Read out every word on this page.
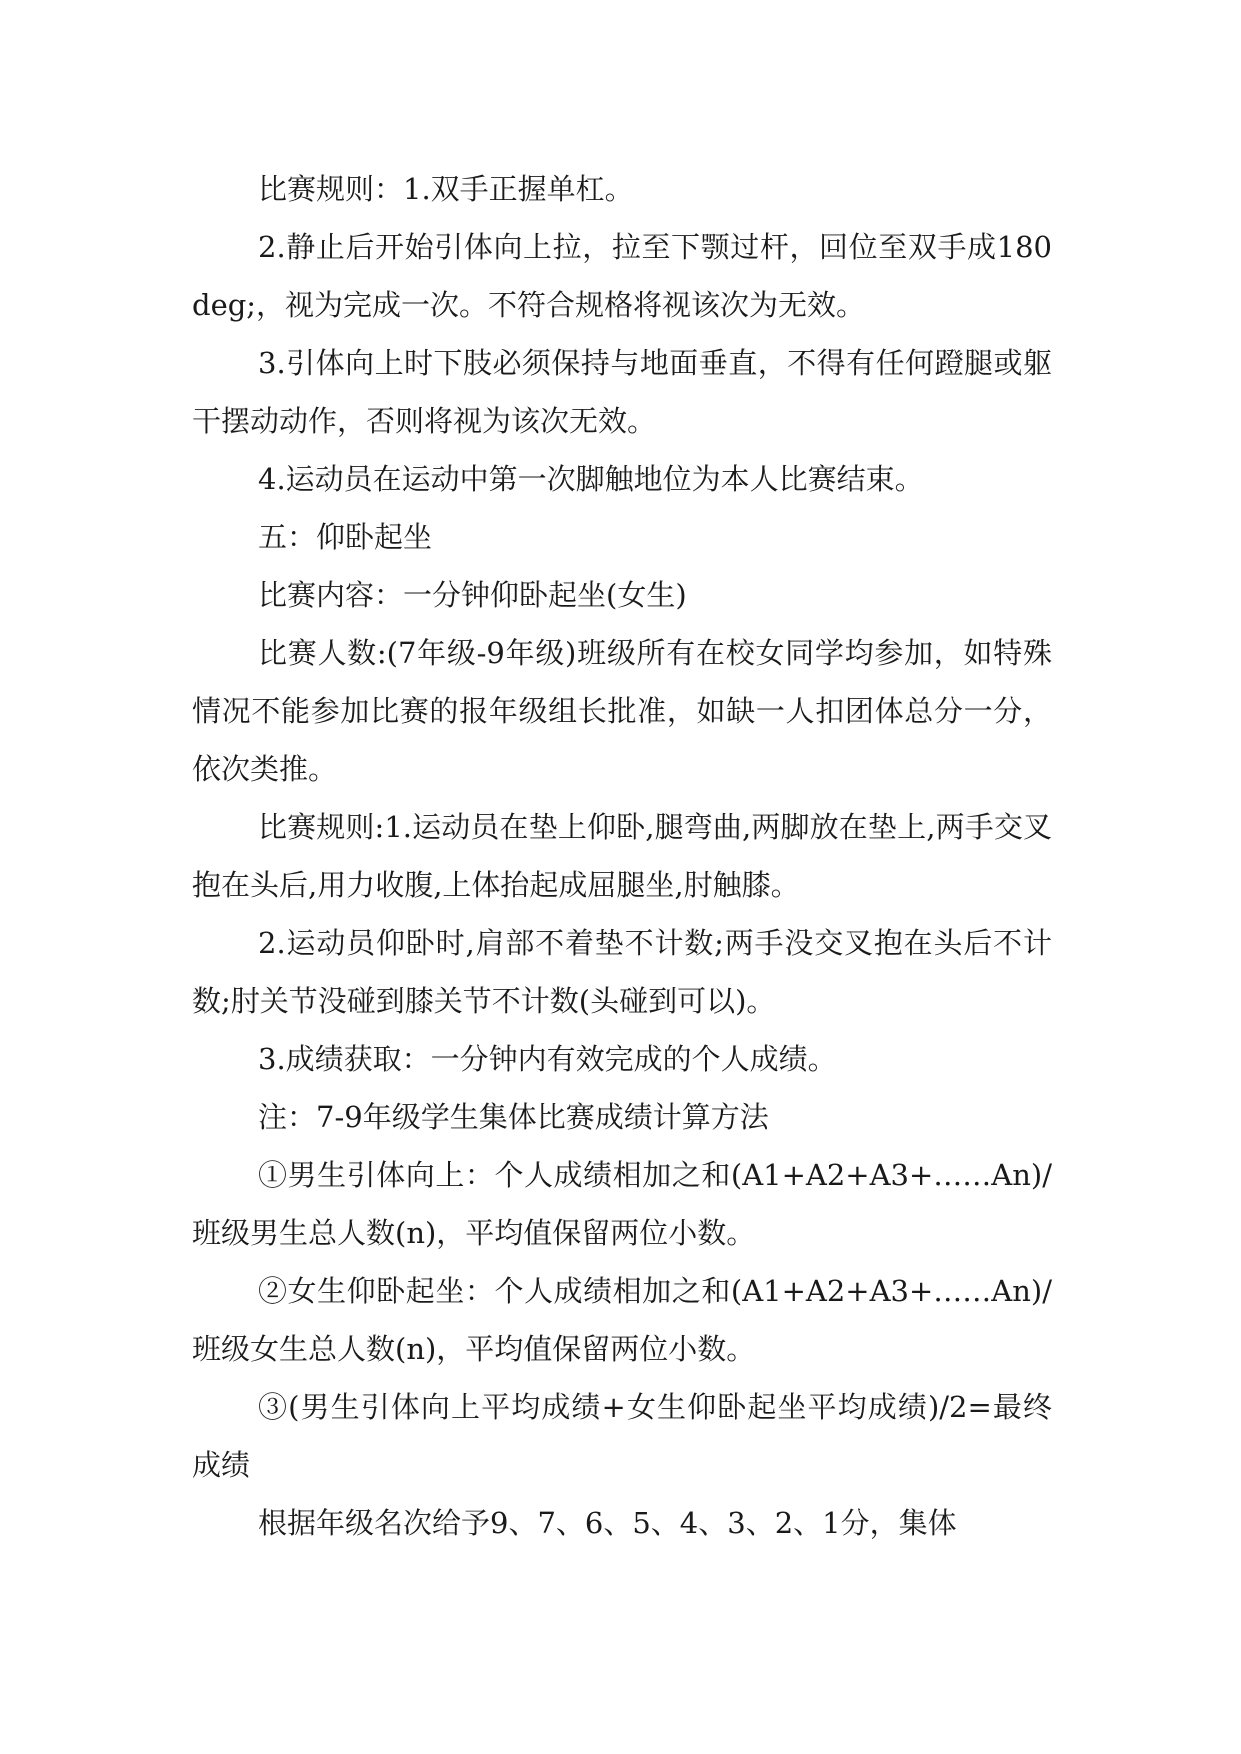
比赛规则：1.双手正握单杠。

2.静止后开始引体向上拉，拉至下颚过杆，回位至双手成180deg;，视为完成一次。不符合规格将视该次为无效。

3.引体向上时下肢必须保持与地面垂直，不得有任何蹬腿或躯干摆动动作，否则将视为该次无效。

4.运动员在运动中第一次脚触地位为本人比赛结束。

五：仰卧起坐

比赛内容：一分钟仰卧起坐(女生)

比赛人数:(7年级-9年级)班级所有在校女同学均参加，如特殊情况不能参加比赛的报年级组长批准，如缺一人扣团体总分一分，依次类推。

比赛规则:1.运动员在垫上仰卧,腿弯曲,两脚放在垫上,两手交叉抱在头后,用力收腹,上体抬起成屈腿坐,肘触膝。

2.运动员仰卧时,肩部不着垫不计数;两手没交叉抱在头后不计数;肘关节没碰到膝关节不计数(头碰到可以)。

3.成绩获取：一分钟内有效完成的个人成绩。

注：7-9年级学生集体比赛成绩计算方法

①男生引体向上：个人成绩相加之和(A1+A2+A3+……An)/班级男生总人数(n)，平均值保留两位小数。

②女生仰卧起坐：个人成绩相加之和(A1+A2+A3+……An)/班级女生总人数(n)，平均值保留两位小数。

③(男生引体向上平均成绩+女生仰卧起坐平均成绩)/2=最终成绩

根据年级名次给予9、7、6、5、4、3、2、1分，集体
